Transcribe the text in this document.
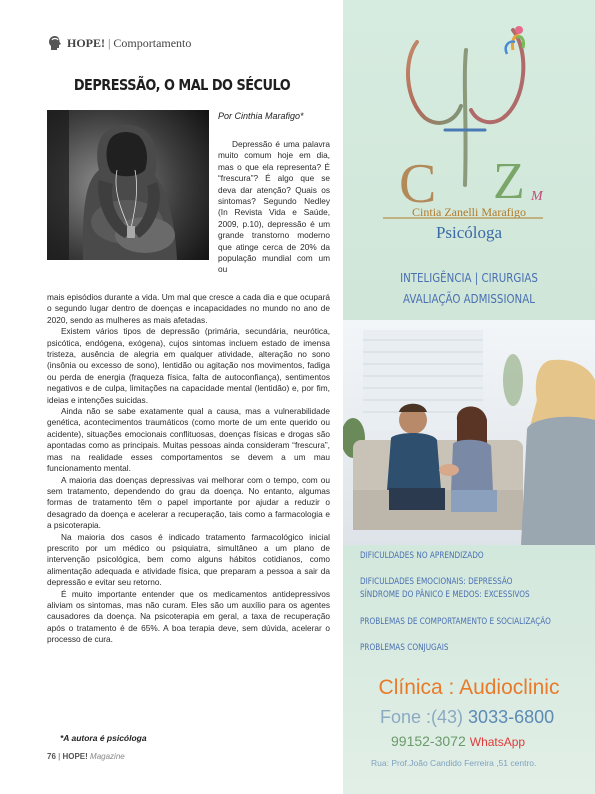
HOPE! | Comportamento
DEPRESSÃO, O MAL DO SÉCULO
Por Cinthia Marafigo*

Depressão é uma palavra muito comum hoje em dia, mas o que ela representa? É “frescura”? É algo que se deva dar atenção? Quais os sintomas? Segundo Nedley (In Revista Vida e Saúde, 2009, p.10), depressão é um grande transtorno moderno que atinge cerca de 20% da população mundial com um ou

mais episódios durante a vida. Um mal que cresce a cada dia e que ocupará o segundo lugar dentro de doenças e incapacidades no mundo no ano de 2020, sendo as mulheres as mais afetadas.

Existem vários tipos de depressão (primária, secundária, neurótica, psicótica, endógena, exógena), cujos sintomas incluem estado de imensa tristeza, ausência de alegria em qualquer atividade, alteração no sono (insônia ou excesso de sono), lentidão ou agitação nos movimentos, fadiga ou perda de energia (fraqueza física, falta de autoconfiança), sentimentos negativos e de culpa, limitações na capacidade mental (lentidão) e, por fim, ideias e intenções suicidas.

Ainda não se sabe exatamente qual a causa, mas a vulnerabilidade genética, acontecimentos traumáticos (como morte de um ente querido ou acidente), situações emocionais conflituosas, doenças físicas e drogas são apontadas como as principais. Muitas pessoas ainda consideram “frescura”, mas na realidade esses comportamentos se devem a um mau funcionamento mental.

A maioria das doenças depressivas vai melhorar com o tempo, com ou sem tratamento, dependendo do grau da doença. No entanto, algumas formas de tratamento têm o papel importante por ajudar a reduzir o desagrado da doença e acelerar a recuperação, tais como a farmacologia e a psicoterapia.

Na maioria dos casos é indicado tratamento farmacológico inicial prescrito por um médico ou psiquiatra, simultâneo a um plano de intervenção psicológica, bem como alguns hábitos cotidianos, como alimentação adequada e atividade física, que preparam a pessoa a sair da depressão e evitar seu retorno.

É muito importante entender que os medicamentos antidepressivos aliviam os sintomas, mas não curam. Eles são um auxílio para os agentes causadores da doença. Na psicoterapia em geral, a taxa de recuperação após o tratamento é de 65%. A boa terapia deve, sem dúvida, acelerar o processo de cura.

*A autora é psicóloga
76 | HOPE! Magazine
C Z M
Cintia Zanelli Marafigo
Psicóloga
INTELIGÊNCIA | CIRURGIAS
AVALIAÇÃO ADMISSIONAL
DIFICULDADES NO APRENDIZADO
DIFICULDADES EMOCIONAIS: DEPRESSÃO
SÍNDROME DO PÂNICO E MEDOS: EXCESSIVOS
PROBLEMAS DE COMPORTAMENTO E SOCIALIZAÇÃO
PROBLEMAS CONJUGAIS
Clínica : Audioclinic
Fone :(43) 3033-6800
99152-3072 WhatsApp
Rua: Prof.João Candido Ferreira ,51 centro.
